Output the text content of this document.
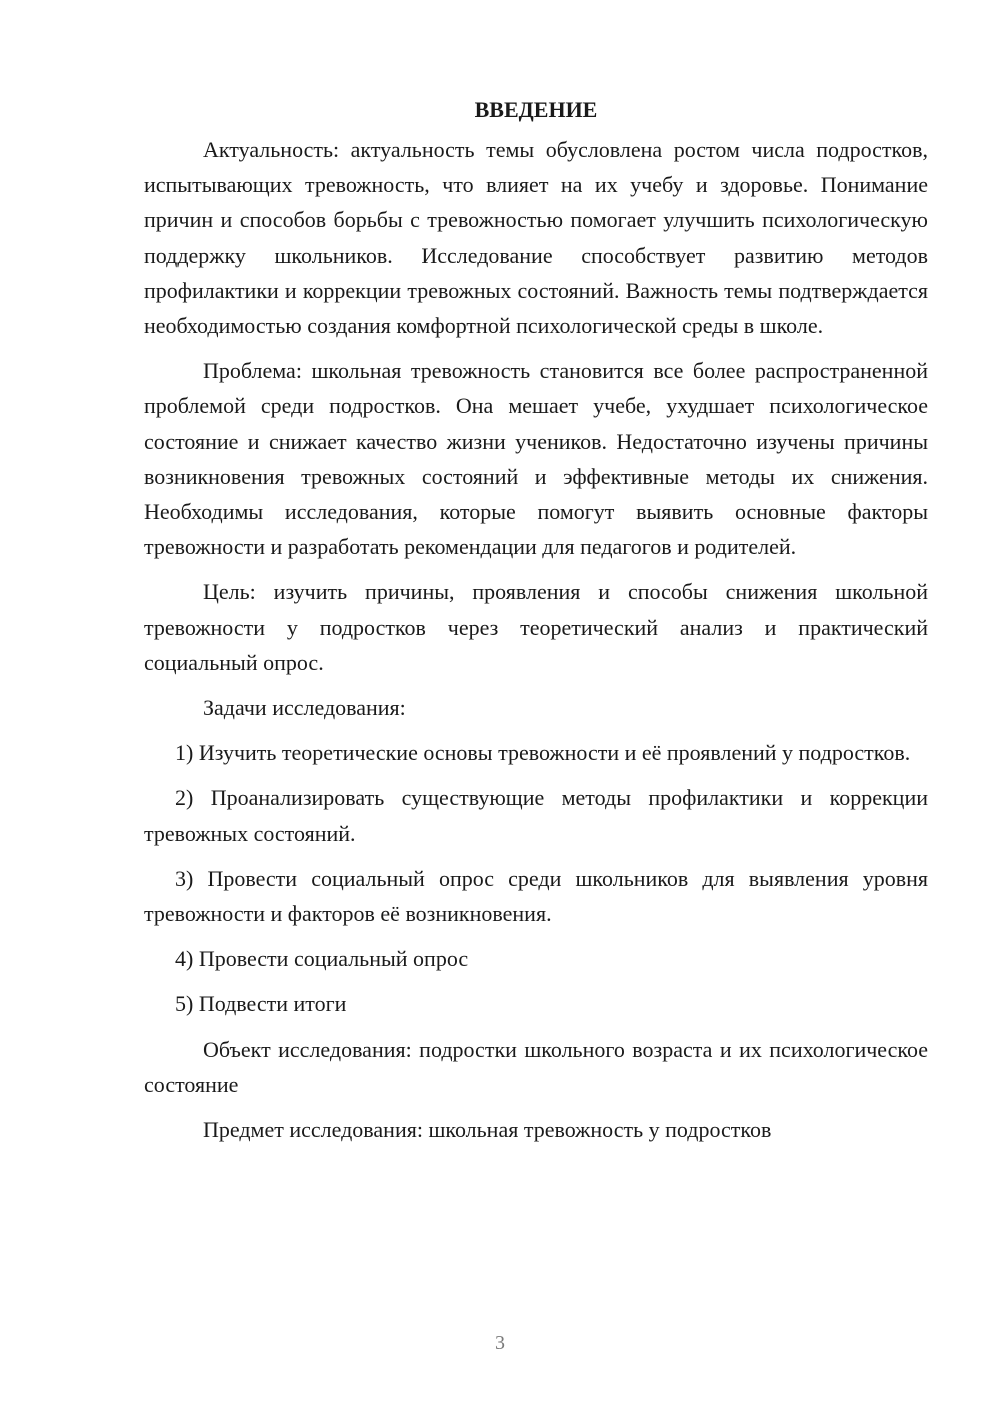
ВВЕДЕНИЕ

Актуальность: актуальность темы обусловлена ростом числа подростков, испытывающих тревожность, что влияет на их учебу и здоровье. Понимание причин и способов борьбы с тревожностью помогает улучшить психологическую поддержку школьников. Исследование способствует развитию методов профилактики и коррекции тревожных состояний. Важность темы подтверждается необходимостью создания комфортной психологической среды в школе.

Проблема: школьная тревожность становится все более распространенной проблемой среди подростков. Она мешает учебе, ухудшает психологическое состояние и снижает качество жизни учеников. Недостаточно изучены причины возникновения тревожных состояний и эффективные методы их снижения. Необходимы исследования, которые помогут выявить основные факторы тревожности и разработать рекомендации для педагогов и родителей.

Цель: изучить причины, проявления и способы снижения школьной тревожности у подростков через теоретический анализ и практический социальный опрос.

Задачи исследования:

1) Изучить теоретические основы тревожности и её проявлений у подростков.

2) Проанализировать существующие методы профилактики и коррекции тревожных состояний.

3) Провести социальный опрос среди школьников для выявления уровня тревожности и факторов её возникновения.

4) Провести социальный опрос

5) Подвести итоги

Объект исследования: подростки школьного возраста и их психологическое состояние

Предмет исследования: школьная тревожность у подростков

3
